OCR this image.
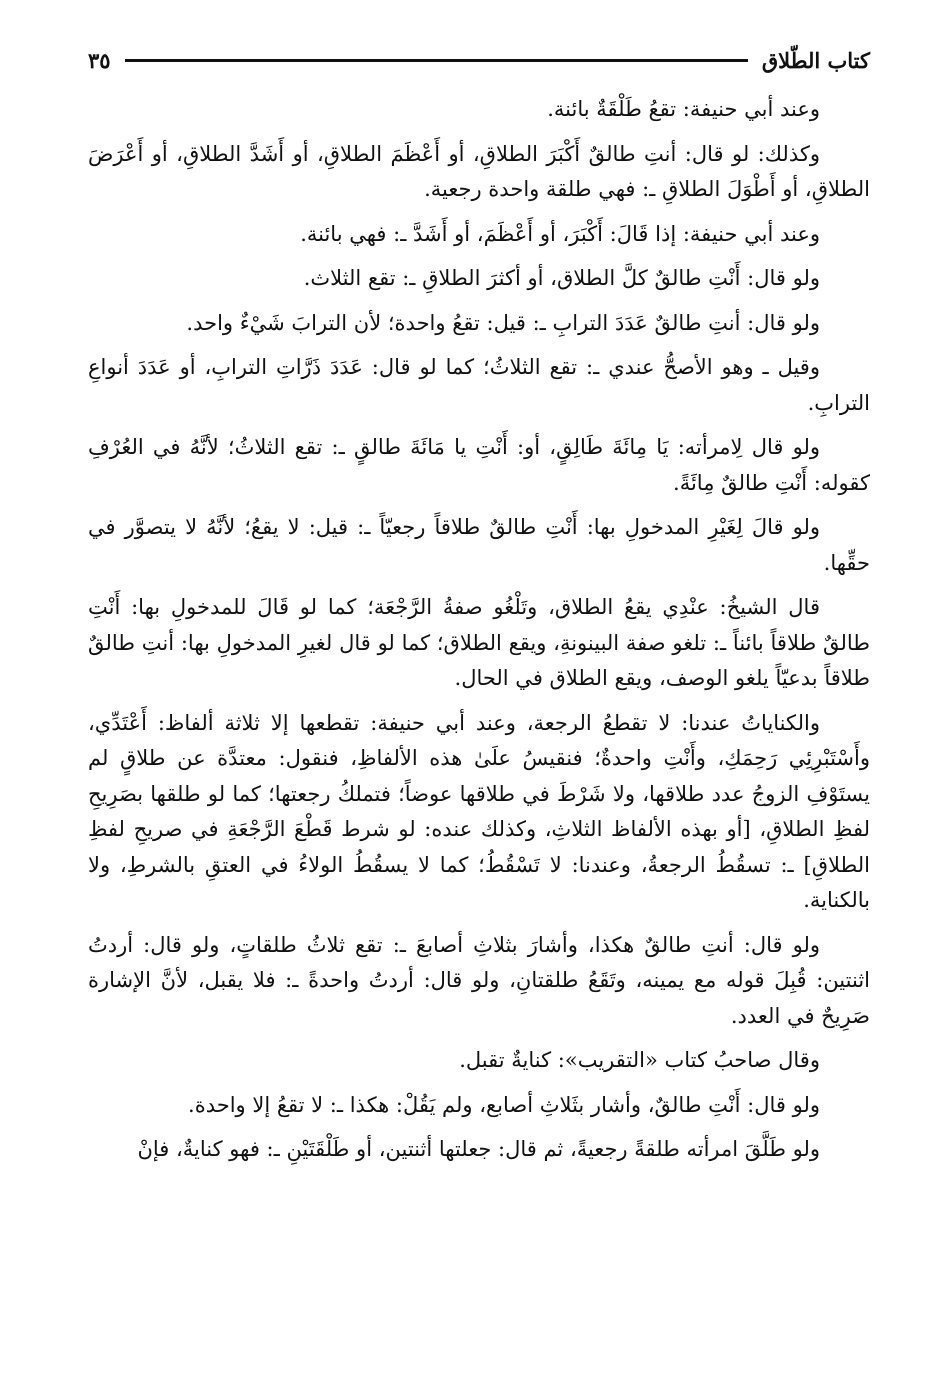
كتاب الطّلاق
٣٥

وعند أبي حنيفة: تقعُ طَلْقَةٌ بائنة.

وكذلك: لو قال: أنتِ طالقٌ أَكْبَرَ الطلاقِ، أو أَعْظَمَ الطلاقِ، أو أَشَدَّ الطلاقِ، أو أَعْرَضَ الطلاقِ، أو أَطْوَلَ الطلاقِ ـ: فهي طلقة واحدة رجعية.

وعند أبي حنيفة: إذا قَالَ: أَكْبَرَ، أو أَعْظَمَ، أو أَشَدَّ ـ: فهي بائنة.

ولو قال: أَنْتِ طالقٌ كلَّ الطلاق، أو أكثرَ الطلاقِ ـ: تقع الثلاث.

ولو قال: أنتِ طالقٌ عَدَدَ الترابِ ـ: قيل: تقعُ واحدة؛ لأن الترابَ شَيْءٌ واحد.

وقيل ـ وهو الأصحُّ عندي ـ: تقع الثلاثُ؛ كما لو قال: عَدَدَ ذَرَّاتِ الترابِ، أو عَدَدَ أنواعِ الترابِ.

ولو قال لِامرأته: يَا مِائَةَ طَالِقٍ، أو: أَنْتِ يا مَائَةَ طالقٍ ـ: تقع الثلاثُ؛ لأنَّهُ في العُرْفِ كقوله: أَنْتِ طالقٌ مِائَةً.

ولو قالَ لِغَيْرِ المدخولِ بها: أَنْتِ طالقٌ طلاقاً رجعيّاً ـ: قيل: لا يقعُ؛ لأنَّهُ لا يتصوَّر في حقِّها.

قال الشيخُ: عنْدِي يقعُ الطلاق، وتَلْغُو صفةُ الرَّجْعَة؛ كما لو قَالَ للمدخولِ بها: أَنْتِ طالقٌ طلاقاً بائناً ـ: تلغو صفة البينونةِ، ويقع الطلاق؛ كما لو قال لغيرِ المدخولِ بها: أنتِ طالقٌ طلاقاً بدعيّاً يلغو الوصف، ويقع الطلاق في الحال.

والكناياتُ عندنا: لا تقطعُ الرجعة، وعند أبي حنيفة: تقطعها إلا ثلاثة ألفاظ: أَعْتَدِّي، وأَسْتَبْرِئِي رَحِمَكِ، وأَنْتِ واحدةٌ؛ فنقيسُ علَىٰ هذه الألفاظِ، فنقول: معتدَّة عن طلاقٍ لم يستَوْفِ الزوجُ عدد طلاقها، ولا شَرْطَ في طلاقها عوضاً؛ فتملكُ رجعتها؛ كما لو طلقها بصَرِيحِ لفظِ الطلاقِ، [أو بهذه الألفاظ الثلاثِ، وكذلك عنده: لو شرط قَطْعَ الرَّجْعَةِ في صريحِ لفظِ الطلاقِ] ـ: تسقُطُ الرجعةُ، وعندنا: لا تَسْقُطُ؛ كما لا يسقُطُ الولاءُ في العتقِ بالشرطِ، ولا بالكناية.

ولو قال: أنتِ طالقٌ هكذا، وأشارَ بثلاثِ أصابعَ ـ: تقع ثلاثُ طلقاتٍ، ولو قال: أردتُ اثنتين: قُبِلَ قوله مع يمينه، وتَقَعُ طلقتانِ، ولو قال: أردتُ واحدةً ـ: فلا يقبل، لأنَّ الإشارة صَرِيحٌ في العدد.

وقال صاحبُ كتاب «التقريب»: كنايةٌ تقبل.

ولو قال: أَنْتِ طالقٌ، وأشار بثَلاثِ أصابع، ولم يَقُلْ: هكذا ـ: لا تقعُ إلا واحدة.

ولو طَلَّقَ امرأته طلقةً رجعيةً، ثم قال: جعلتها أثنتين، أو طَلْقَتَيْنِ ـ: فهو كنايةٌ، فإنْ
